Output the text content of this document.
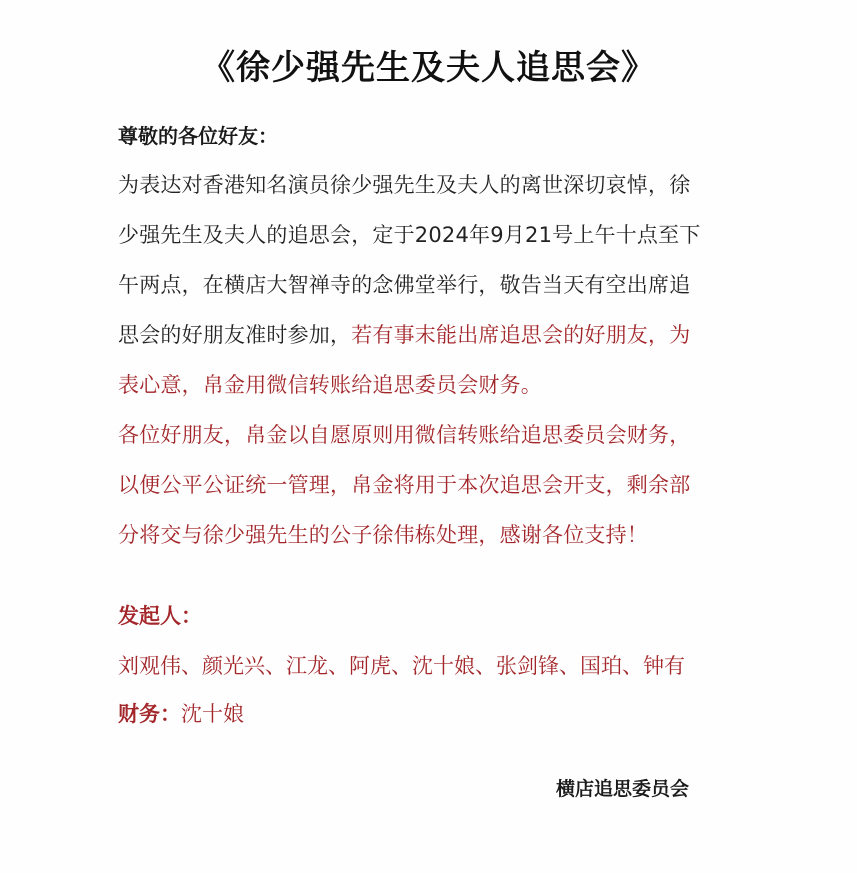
《徐少强先生及夫人追思会》
尊敬的各位好友：
为表达对香港知名演员徐少强先生及夫人的离世深切哀悼，徐
少强先生及夫人的追思会，定于2024年9月21号上午十点至下
午两点，在横店大智禅寺的念佛堂举行，敬告当天有空出席追
思会的好朋友准时参加，若有事末能出席追思会的好朋友，为
表心意，帛金用微信转账给追思委员会财务。
各位好朋友，帛金以自愿原则用微信转账给追思委员会财务，
以便公平公证统一管理，帛金将用于本次追思会开支，剩余部
分将交与徐少强先生的公子徐伟栋处理，感谢各位支持！
发起人：
刘观伟、颜光兴、江龙、阿虎、沈十娘、张剑锋、国珀、钟有
财务：沈十娘
横店追思委员会
